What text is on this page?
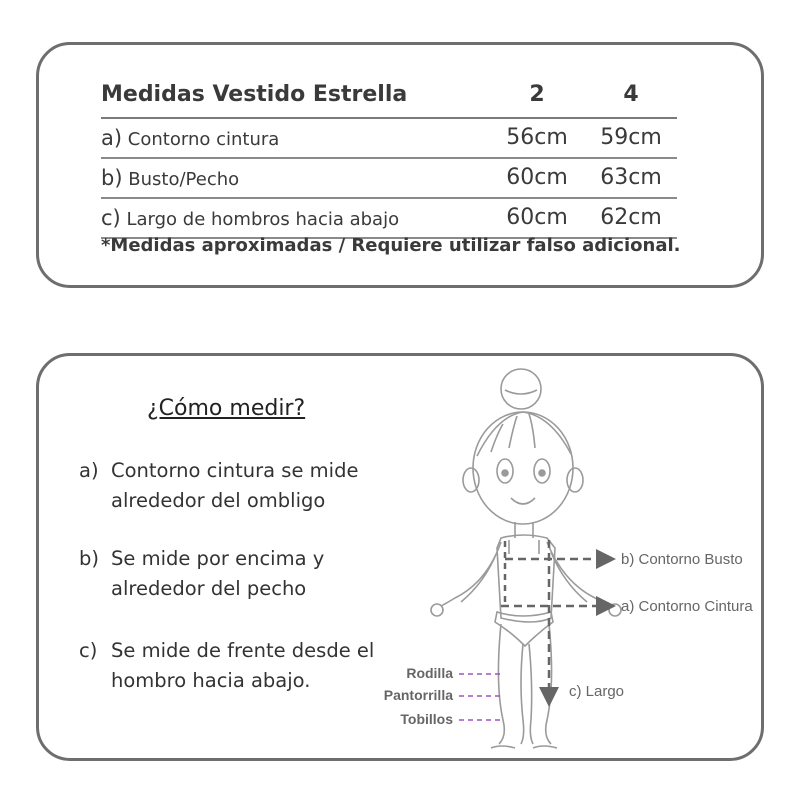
Medidas Vestido Estrella	2	4
a) Contorno cintura	56cm	59cm
b) Busto/Pecho	60cm	63cm
c) Largo de hombros hacia abajo	60cm	62cm
*Medidas aproximadas / Requiere utilizar falso adicional.
¿Cómo medir?
a) Contorno cintura se mide alrededor del ombligo
b) Se mide por encima y alrededor del pecho
c) Se mide de frente desde el hombro hacia abajo.
b) Contorno Busto
a) Contorno Cintura
c) Largo
Rodilla
Pantorrilla
Tobillos
